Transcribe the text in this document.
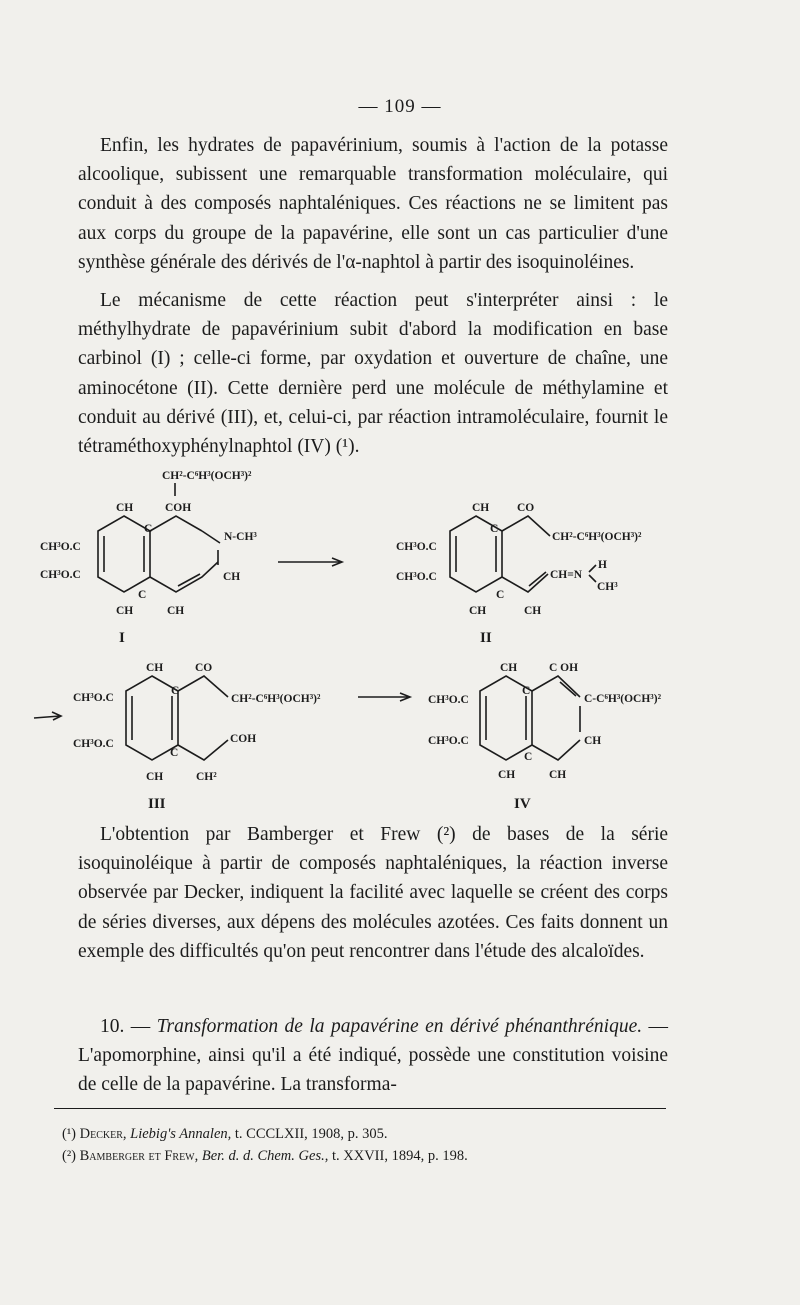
— 109 —

Enfin, les hydrates de papavérinium, soumis à l'action de la potasse alcoolique, subissent une remarquable transformation moléculaire, qui conduit à des composés naphtaléniques. Ces réactions ne se limitent pas aux corps du groupe de la papavérine, elle sont un cas particulier d'une synthèse générale des dérivés de l'α-naphtol à partir des isoquinoléines.

Le mécanisme de cette réaction peut s'interpréter ainsi : le méthylhydrate de papavérinium subit d'abord la modification en base carbinol (I) ; celle-ci forme, par oxydation et ouverture de chaîne, une aminocétone (II). Cette dernière perd une molécule de méthylamine et conduit au dérivé (III), et, celui-ci, par réaction intramoléculaire, fournit le tétraméthoxyphénylnaphtol (IV) (¹).

CH²-C⁶H³(OCH³)²
CH	COH
CH³O.C
CH³O.C
C
C
N-CH³
CH
CH	CH
I
CH CO
CH³O.C
CH³O.C
C
C
CH²-C⁶H³(OCH³)²
CH=N
H
CH³
CH	CH
II
CH	CO
CH³O.C
CH³O.C
C
C
CH²-C⁶H³(OCH³)²
COH
CH	CH²
III
CH	C OH
CH³O.C
CH³O.C
C
C
C-C⁶H³(OCH³)²
CH
CH	CH
IV

L'obtention par Bamberger et Frew (²) de bases de la série isoquinoléique à partir de composés naphtaléniques, la réaction inverse observée par Decker, indiquent la facilité avec laquelle se créent des corps de séries diverses, aux dépens des molécules azotées. Ces faits donnent un exemple des difficultés qu'on peut rencontrer dans l'étude des alcaloïdes.

10. — Transformation de la papavérine en dérivé phénanthrénique. — L'apomorphine, ainsi qu'il a été indiqué, possède une constitution voisine de celle de la papavérine. La transforma-

(¹) Decker, Liebig's Annalen, t. CCCLXII, 1908, p. 305.
(²) Bamberger et Frew, Ber. d. d. Chem. Ges., t. XXVII, 1894, p. 198.
